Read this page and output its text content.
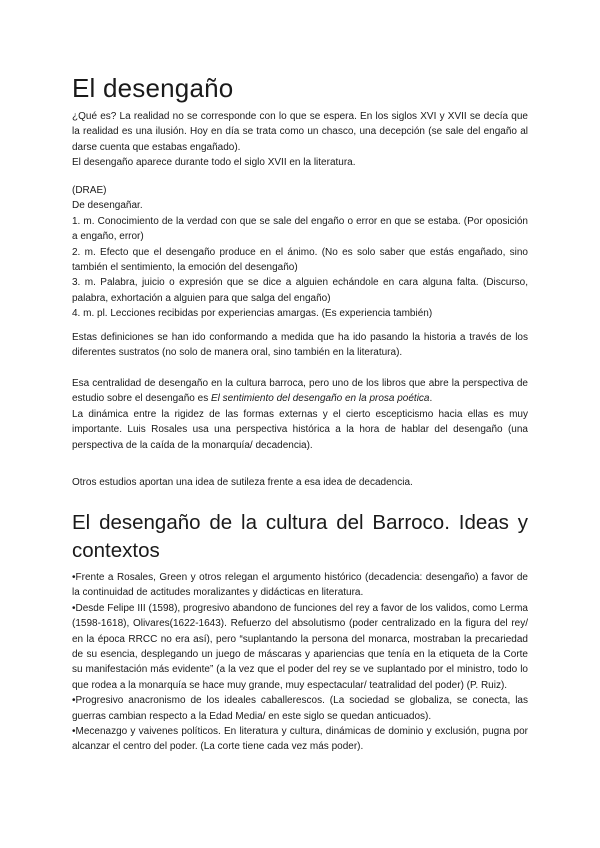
El desengaño

¿Qué es? La realidad no se corresponde con lo que se espera. En los siglos XVI y XVII se decía que la realidad es una ilusión. Hoy en día se trata como un chasco, una decepción (se sale del engaño al darse cuenta que estabas engañado).

El desengaño aparece durante todo el siglo XVII en la literatura.

(DRAE)

De desengañar.

1. m. Conocimiento de la verdad con que se sale del engaño o error en que se estaba. (Por oposición a engaño, error)

2. m. Efecto que el desengaño produce en el ánimo. (No es solo saber que estás engañado, sino también el sentimiento, la emoción del desengaño)

3. m. Palabra, juicio o expresión que se dice a alguien echándole en cara alguna falta. (Discurso, palabra, exhortación a alguien para que salga del engaño)

4. m. pl. Lecciones recibidas por experiencias amargas. (Es experiencia también)

Estas definiciones se han ido conformando a medida que ha ido pasando la historia a través de los diferentes sustratos (no solo de manera oral, sino también en la literatura).

Esa centralidad de desengaño en la cultura barroca, pero uno de los libros que abre la perspectiva de estudio sobre el desengaño es El sentimiento del desengaño en la prosa poética.

La dinámica entre la rigidez de las formas externas y el cierto escepticismo hacia ellas es muy importante. Luis Rosales usa una perspectiva histórica a la hora de hablar del desengaño (una perspectiva de la caída de la monarquía/ decadencia).

Otros estudios aportan una idea de sutileza frente a esa idea de decadencia.
El desengaño de la cultura del Barroco. Ideas y contextos

•Frente a Rosales, Green y otros relegan el argumento histórico (decadencia: desengaño) a favor de la continuidad de actitudes moralizantes y didácticas en literatura.

•Desde Felipe III (1598), progresivo abandono de funciones del rey a favor de los validos, como Lerma (1598-1618), Olivares(1622-1643). Refuerzo del absolutismo (poder centralizado en la figura del rey/ en la época RRCC no era así), pero “suplantando la persona del monarca, mostraban la precariedad de su esencia, desplegando un juego de máscaras y apariencias que tenía en la etiqueta de la Corte su manifestación más evidente” (a la vez que el poder del rey se ve suplantado por el ministro, todo lo que rodea a la monarquía se hace muy grande, muy espectacular/ teatralidad del poder) (P. Ruiz).

•Progresivo anacronismo de los ideales caballerescos. (La sociedad se globaliza, se conecta, las guerras cambian respecto a la Edad Media/ en este siglo se quedan anticuados).

•Mecenazgo y vaivenes políticos. En literatura y cultura, dinámicas de dominio y exclusión, pugna por alcanzar el centro del poder. (La corte tiene cada vez más poder).
